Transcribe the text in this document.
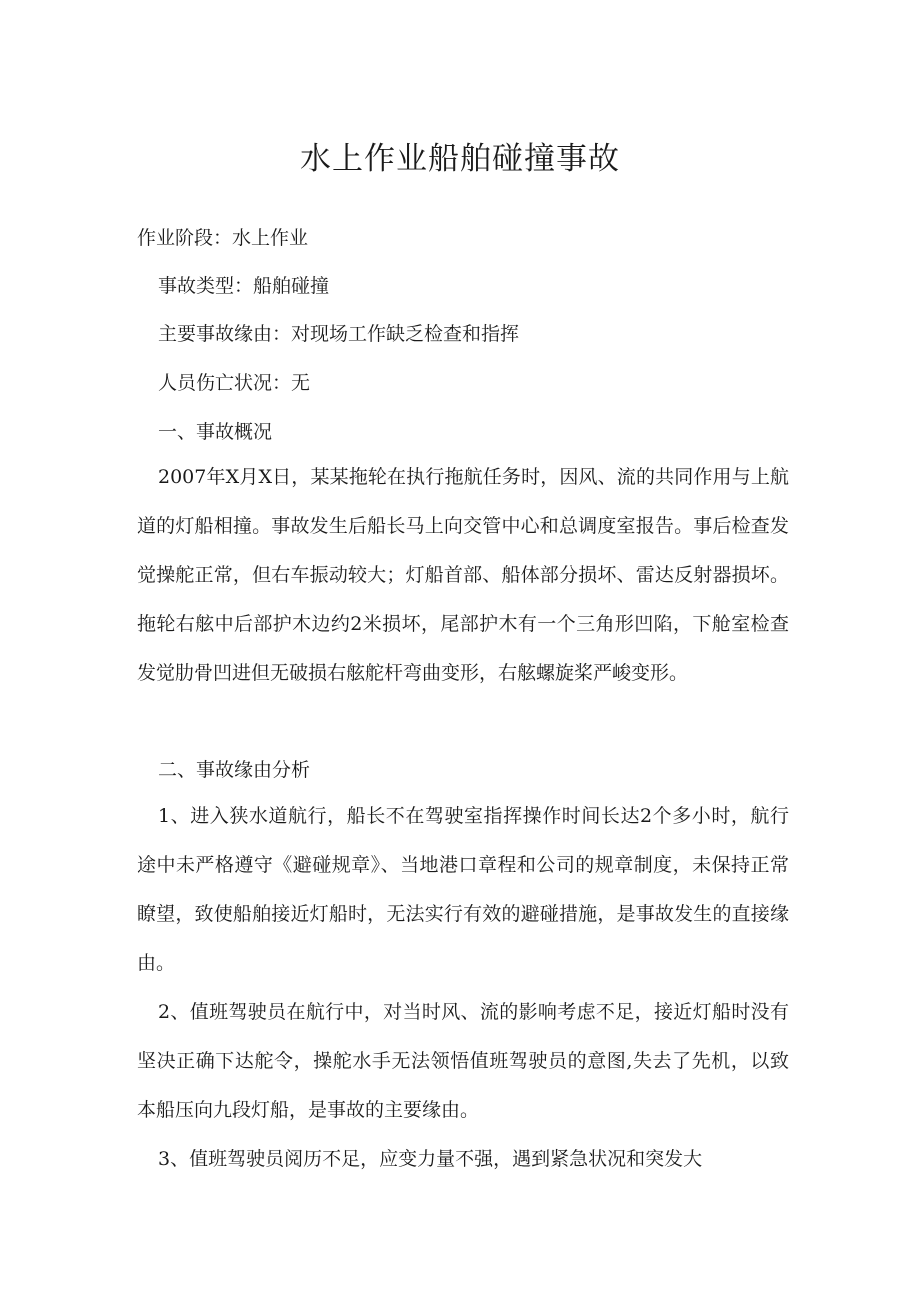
水上作业船舶碰撞事故

作业阶段：水上作业

事故类型：船舶碰撞

主要事故缘由：对现场工作缺乏检查和指挥

人员伤亡状况：无

一、事故概况

2007年X月X日，某某拖轮在执行拖航任务时，因风、流的共同作用与上航道的灯船相撞。事故发生后船长马上向交管中心和总调度室报告。事后检查发觉操舵正常，但右车振动较大；灯船首部、船体部分损坏、雷达反射器损坏。拖轮右舷中后部护木边约2米损坏，尾部护木有一个三角形凹陷，下舱室检查发觉肋骨凹进但无破损右舷舵杆弯曲变形，右舷螺旋桨严峻变形。

二、事故缘由分析

1、进入狭水道航行，船长不在驾驶室指挥操作时间长达2个多小时，航行途中未严格遵守《避碰规章》、当地港口章程和公司的规章制度，未保持正常瞭望，致使船舶接近灯船时，无法实行有效的避碰措施，是事故发生的直接缘由。

2、值班驾驶员在航行中，对当时风、流的影响考虑不足，接近灯船时没有坚决正确下达舵令，操舵水手无法领悟值班驾驶员的意图,失去了先机，以致本船压向九段灯船，是事故的主要缘由。

3、值班驾驶员阅历不足，应变力量不强，遇到紧急状况和突发大
